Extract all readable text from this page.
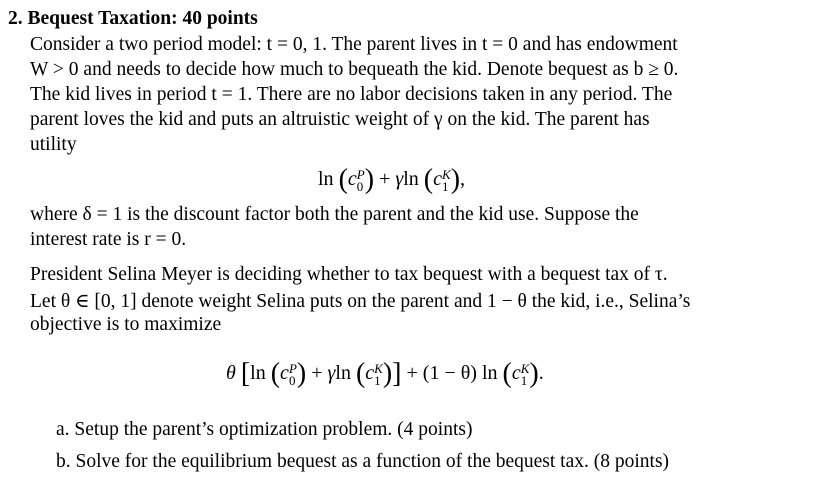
2. Bequest Taxation: 40 points
Consider a two period model: t = 0, 1. The parent lives in t = 0 and has endowment
W > 0 and needs to decide how much to bequeath the kid. Denote bequest as b ≥ 0.
The kid lives in period t = 1. There are no labor decisions taken in any period. The
parent loves the kid and puts an altruistic weight of γ on the kid. The parent has
utility
ln (c P
0 ) + γln (c K
1 ),
where δ = 1 is the discount factor both the parent and the kid use. Suppose the
interest rate is r = 0.
President Selina Meyer is deciding whether to tax bequest with a bequest tax of τ.
Let θ ∈ [0, 1] denote weight Selina puts on the parent and 1 − θ the kid, i.e., Selina’s
objective is to maximize
θ [ln (c P
0 ) + γln (c K
1 )] + (1 − θ) ln (c K
1 ).
a. Setup the parent’s optimization problem. (4 points)
b. Solve for the equilibrium bequest as a function of the bequest tax. (8 points)
